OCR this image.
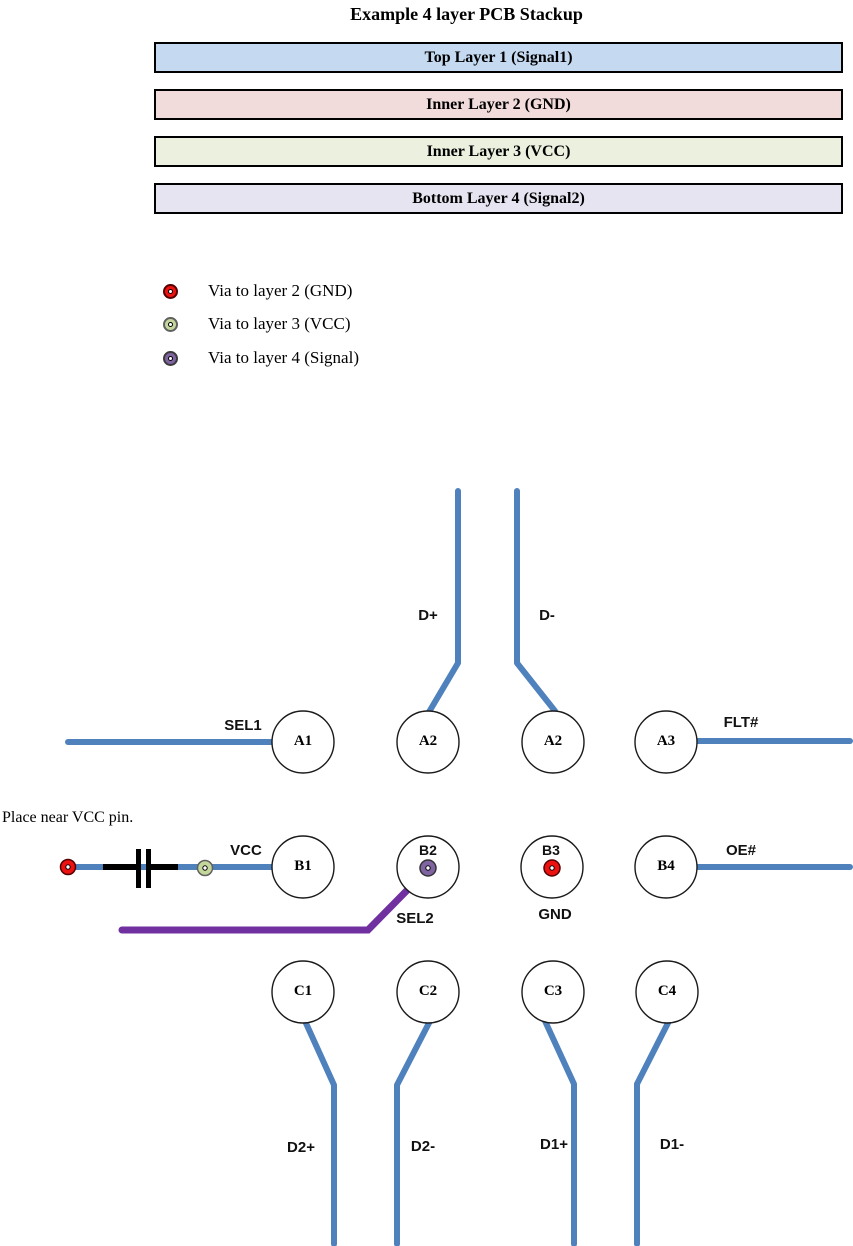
Example 4 layer PCB Stackup
Top Layer 1 (Signal1)
Inner Layer 2 (GND)
Inner Layer 3 (VCC)
Bottom Layer 4 (Signal2)
Via to layer 2 (GND)
Via to layer 3 (VCC)
Via to layer 4 (Signal)
Place near VCC pin.
A1	A2	A2	A3
B1
B2	B3
B4
C1	C2	C3	C4
SEL1
D+	D-
FLT#
VCC	OE#
SEL2	GND
D2+	D2-	D1+	D1-
